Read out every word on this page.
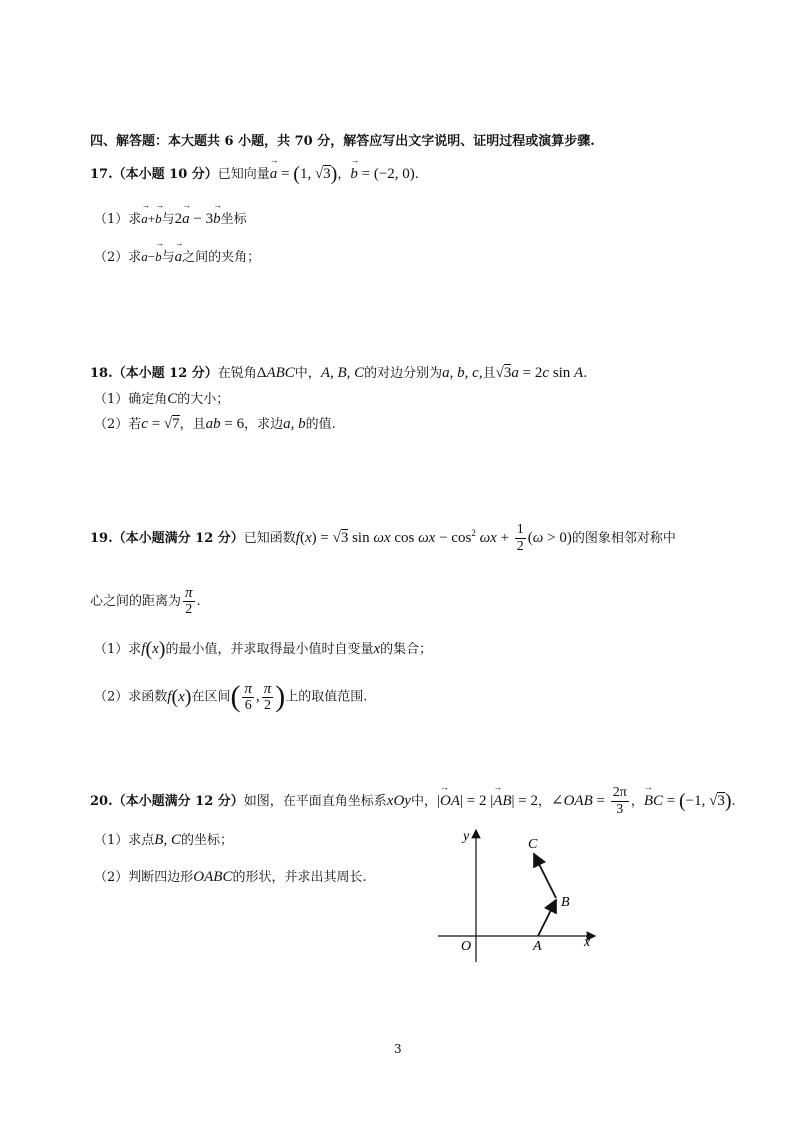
四、解答题：本大题共 6 小题，共 70 分，解答应写出文字说明、证明过程或演算步骤.
17.（本小题 10 分）已知向量→ a = (1, √3)，→ b = (−2, 0).
（1）求→ a+→ b与2→ a − 3→ b坐标
（2）求a−→ b与→ a之间的夹角；
18.（本小题 12 分）在锐角ΔABC中，A, B, C的对边分别为a, b, c,且√3a = 2c sin A.
（1）确定角C的大小；
（2）若c = √7，且ab = 6，求边a, b的值.
19.（本小题满分 12 分）已知函数f(x) = √3 sin ωx $\cos \omega x - \cos^2 \omega x + \frac{1}{2} (\omega > 0)$的图象相邻对称中
心之间的距离为 $\frac{\pi}{2}$ .
（1）求f(x)的最小值，并求取得最小值时自变量x的集合；
（2）求函数f(x)在区间( $\frac{\pi}{6}$ , $\frac{\pi}{2}$ )上的取值范围.
20.（本小题满分 12 分）如图，在平面直角坐标系xOy中，|→ OA| = 2 |→ AB| = 2，∠OAB = $\frac{2\pi}{3}$ ，→ BC = (−1, √3).
（1）求点B, C的坐标；
（2）判断四边形OABC的形状，并求出其周长.
y
x
O	A
B
C
3
